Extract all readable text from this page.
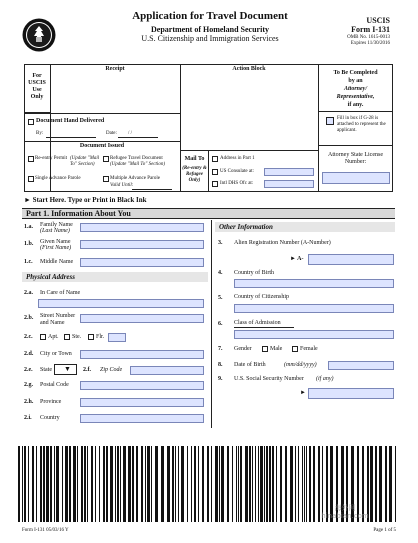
Application for Travel Document
Department of Homeland Security
U.S. Citizenship and Immigration Services
USCIS
Form I-131
OMB No. 1615-0013
Expires 11/30/2016
For USCIS Use Only
Receipt	Action Block
To Be Completed
by an
Attorney/
Representative,
if any.
Fill in box if G-28 is attached to represent the applicant.
Attorney State License Number:
Document Hand Delivered
By:	Date: / /
Document Issued
Re-entry Permit (Update "Mail To" Section)
Refugee Travel Document
(Update "Mail To" Section)
Single Advance Parole	Multiple Advance Parole
Valid Until:
Mail To
(Re-entry & Refugee Only)
Address in Part 1
US Consulate at:
Intl DHS Ofc at:
► Start Here. Type or Print in Black Ink
Part 1. Information About You
1.a. Family Name
(Last Name)
1.b. Given Name
(First Name)
1.c. Middle Name
Physical Address
2.a. In Care of Name
2.b. Street Number and Name
2.c.	Apt. Ste. Flr.
2.d. City or Town
2.e. State ▼ 2.f. Zip Code
2.g. Postal Code
2.h. Province
2.i. Country
Other Information
3. Alien Registration Number (A-Number)
► A-
4. Country of Birth
5. Country of Citizenship
6. Class of Admission
7. Gender	Male	Female
8. Date of Birth	(mm/dd/yyyy)
9. U.S. Social Security Number (if any)
►
海外网
hinabian.com
Form I-131 05/03/16 Y	Page 1 of 5
